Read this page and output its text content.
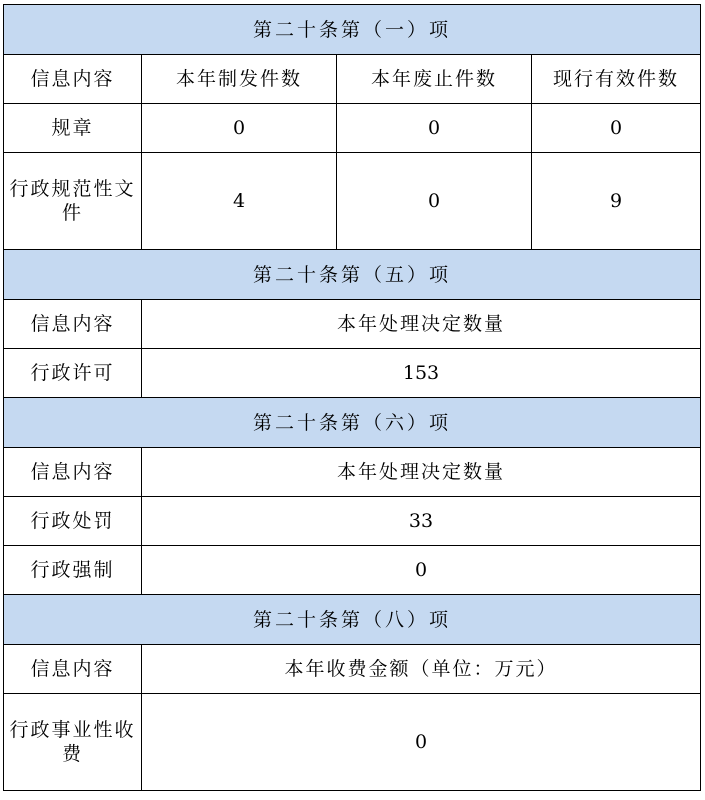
第二十条第（一）项			
信息内容	本年制发件数	本年废止件数	现行有效件数
规章	0	0	0
行政规范性文件	4	0	9
第二十条第（五）项			
信息内容	本年处理决定数量		
行政许可	153		
第二十条第（六）项			
信息内容	本年处理决定数量		
行政处罚	33		
行政强制	0		
第二十条第（八）项			
信息内容	本年收费金额（单位：万元）		
行政事业性收费	0		
